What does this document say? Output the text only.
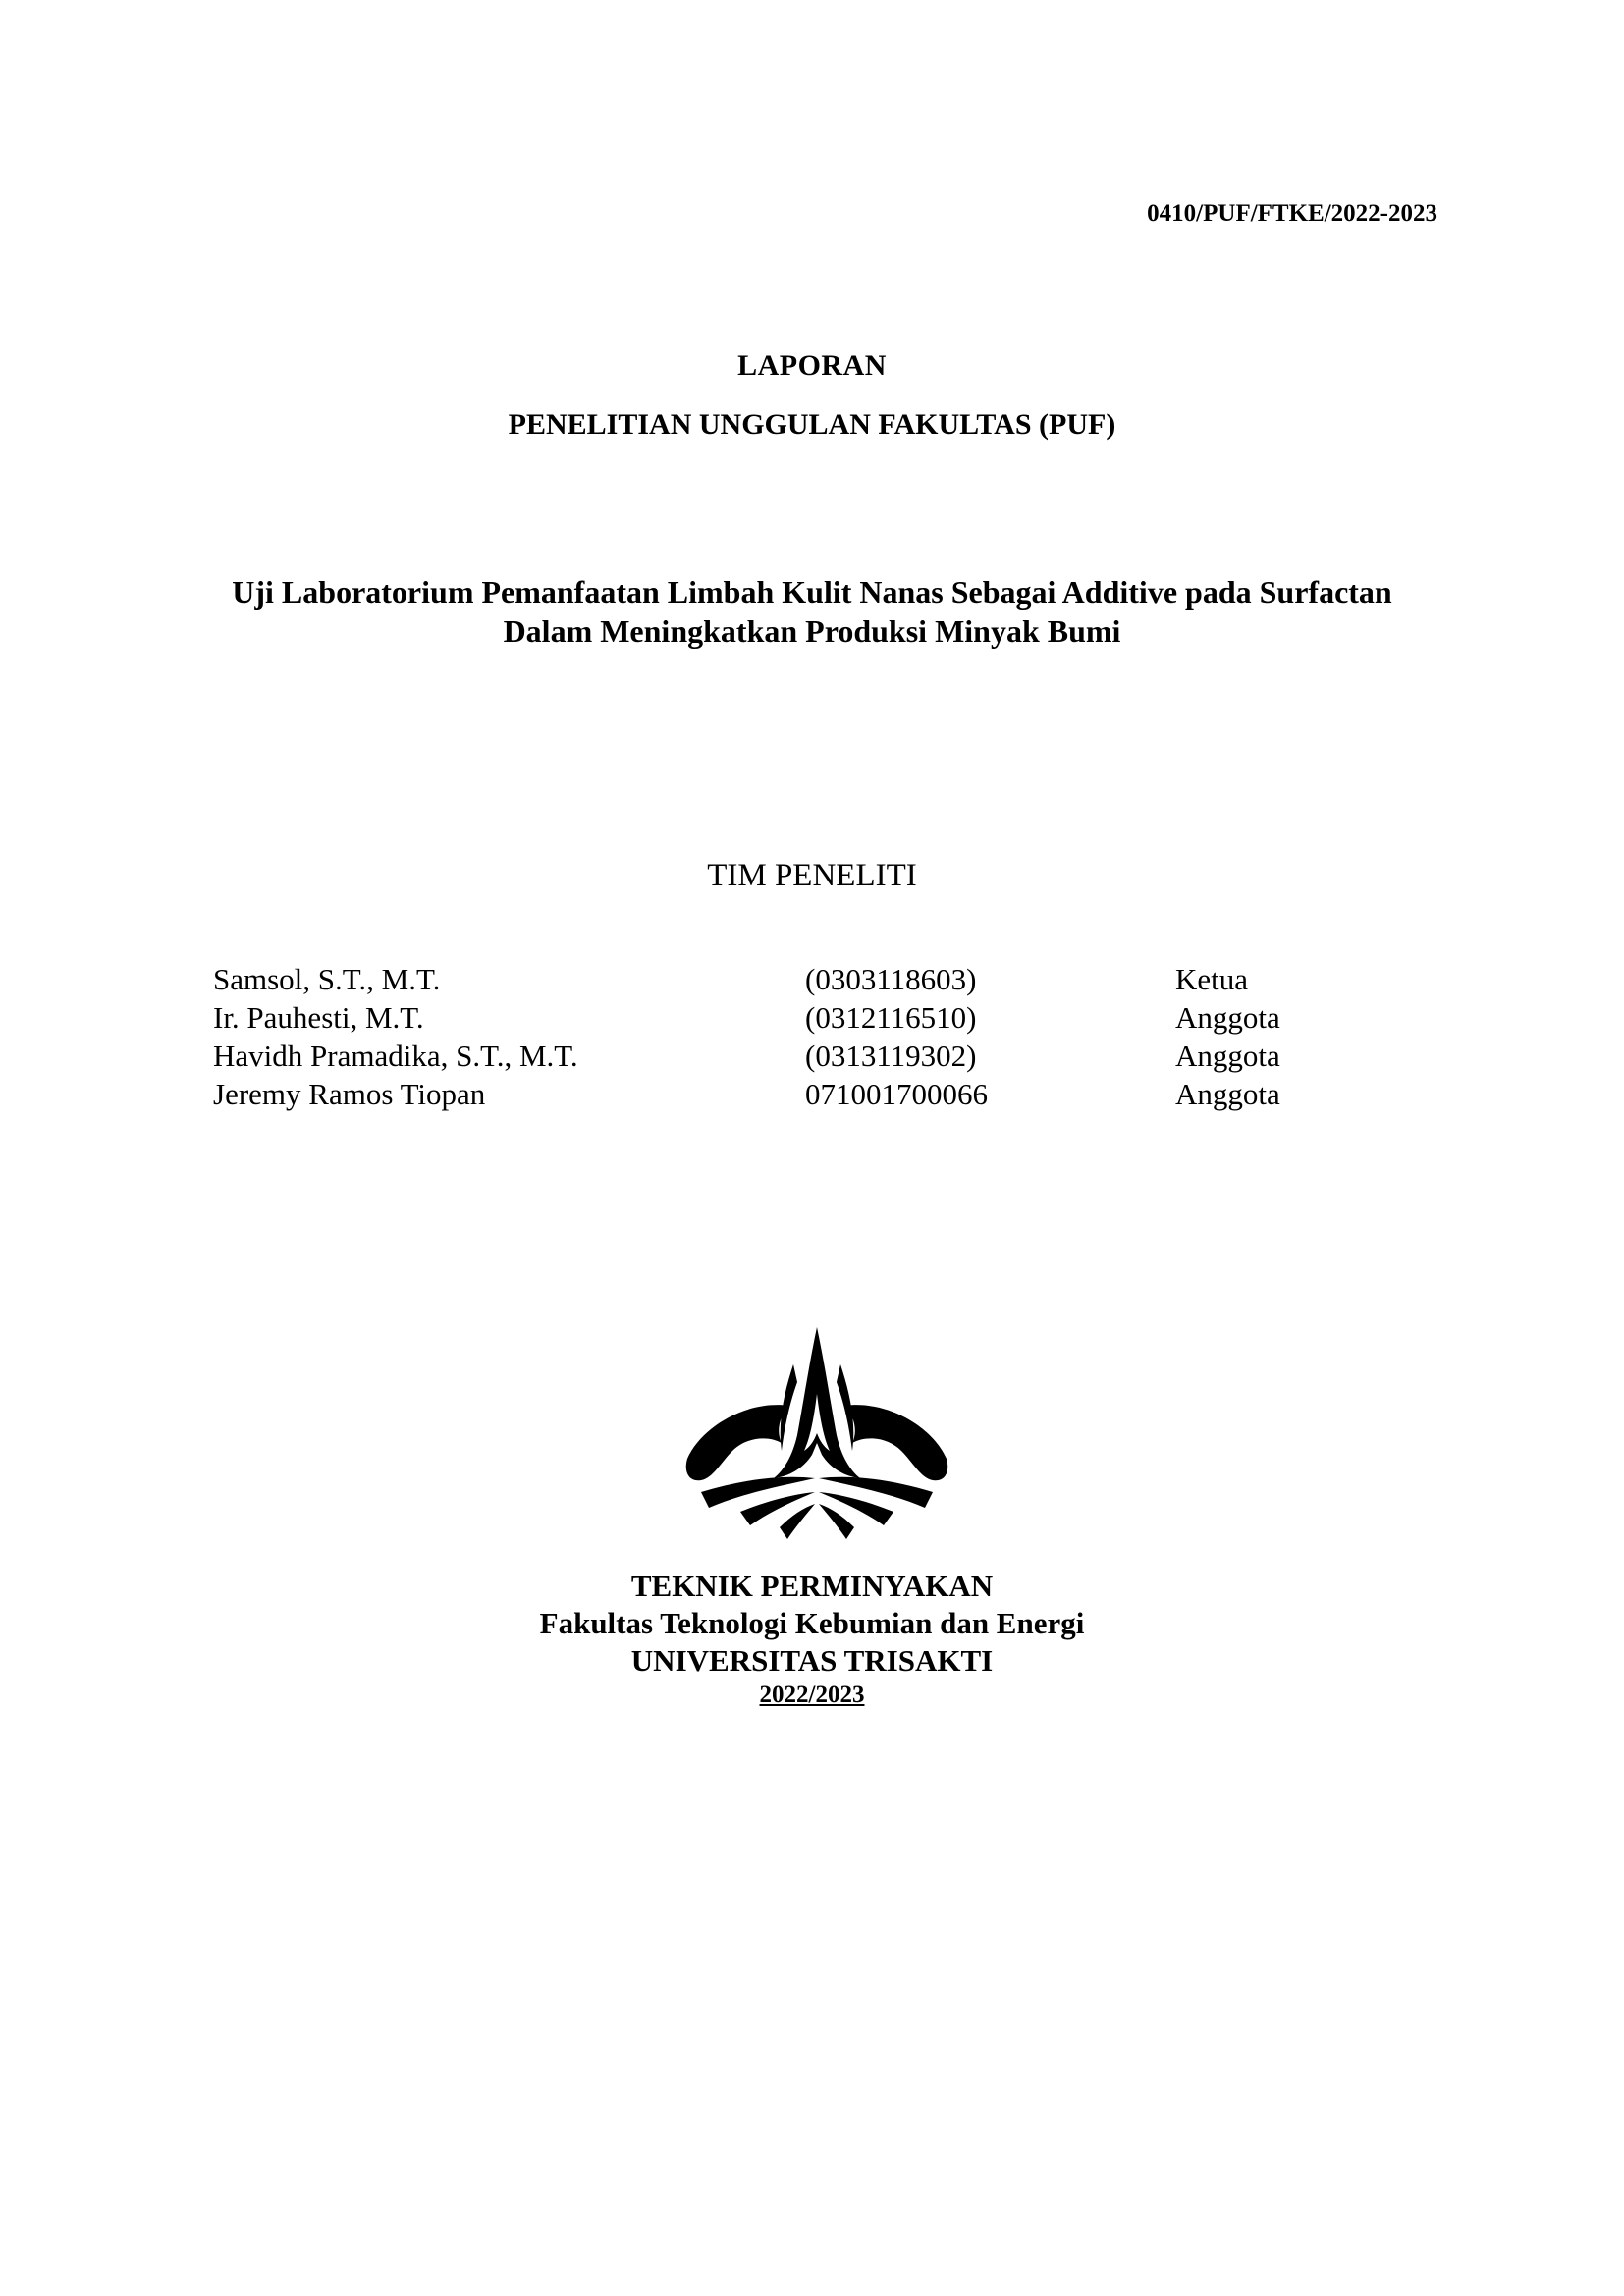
0410/PUF/FTKE/2022-2023
LAPORAN
PENELITIAN UNGGULAN FAKULTAS (PUF)
Uji Laboratorium Pemanfaatan Limbah Kulit Nanas Sebagai Additive pada Surfactan
Dalam Meningkatkan Produksi Minyak Bumi
TIM PENELITI
Samsol, S.T., M.T.	(0303118603)	Ketua
Ir. Pauhesti, M.T.	(0312116510)	Anggota
Havidh Pramadika, S.T., M.T.	(0313119302)	Anggota
Jeremy Ramos Tiopan	071001700066	Anggota
TEKNIK PERMINYAKAN
Fakultas Teknologi Kebumian dan Energi
UNIVERSITAS TRISAKTI
2022/2023
